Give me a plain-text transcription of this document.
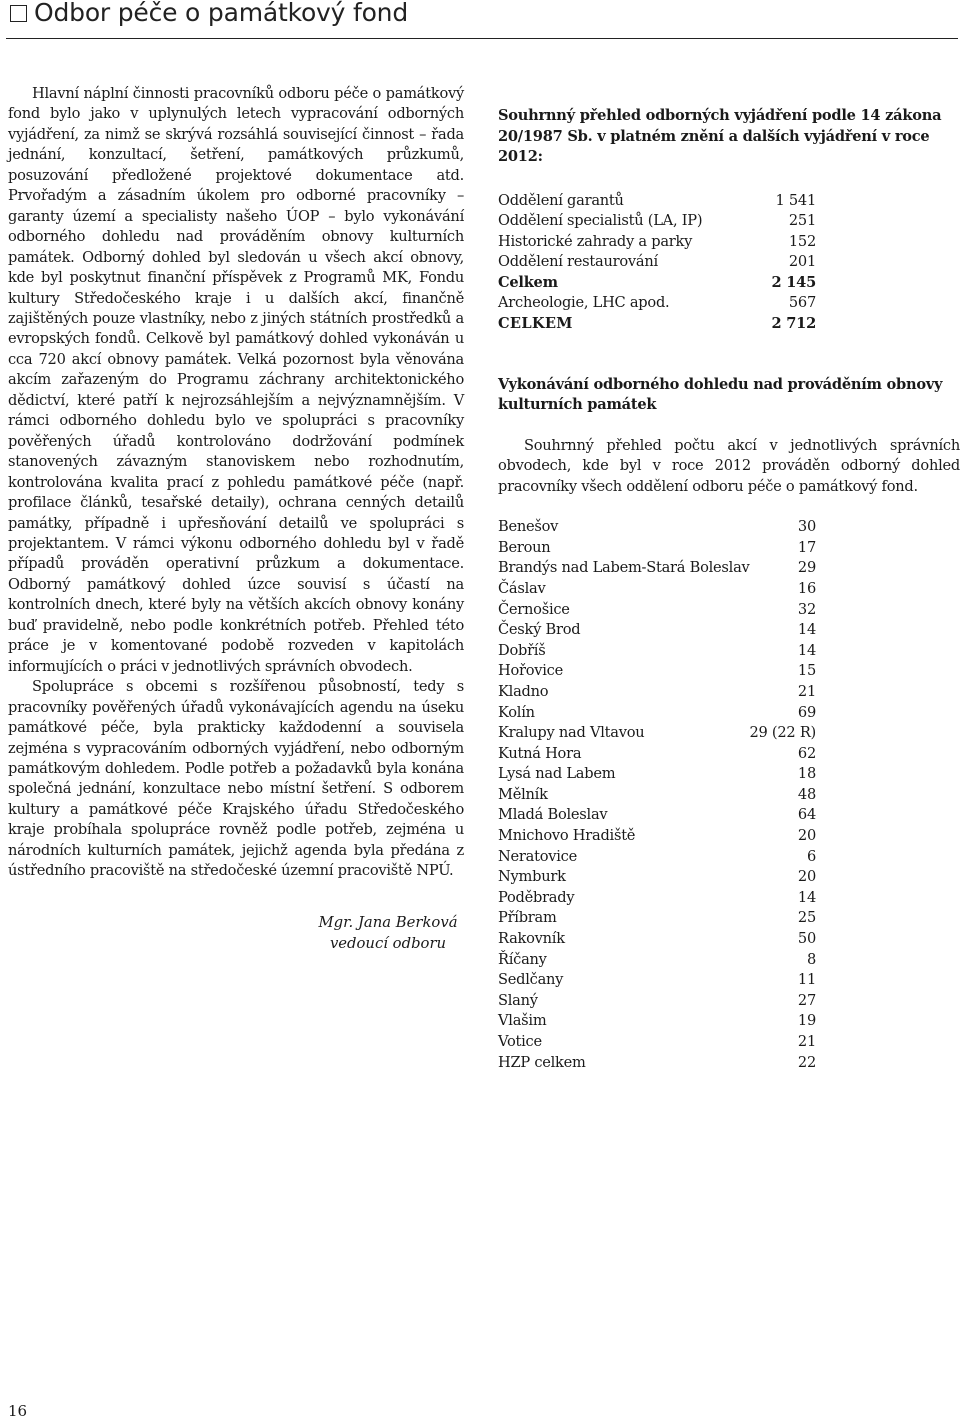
Odbor péče o památkový fond

Hlavní náplní činnosti pracovníků odboru péče o památkový fond bylo jako v uplynulých letech vypracování odborných vyjádření, za nimž se skrývá rozsáhlá související činnost – řada jednání, konzultací, šetření, památkových průzkumů, posuzování předložené projektové dokumentace atd. Prvořadým a zásadním úkolem pro odborné pracovníky – garanty území a specialisty našeho ÚOP – bylo vykonávání odborného dohledu nad prováděním obnovy kulturních památek. Odborný dohled byl sledován u všech akcí obnovy, kde byl poskytnut finanční příspěvek z Programů MK, Fondu kultury Středočeského kraje i u dalších akcí, finančně zajištěných pouze vlastníky, nebo z jiných státních prostředků a evropských fondů. Celkově byl památkový dohled vykonáván u cca 720 akcí obnovy památek. Velká pozornost byla věnována akcím zařazeným do Programu záchrany architektonického dědictví, které patří k nejrozsáhlejším a nejvýznamnějším. V rámci odborného dohledu bylo ve spolupráci s pracovníky pověřených úřadů kontrolováno dodržování podmínek stanovených závazným stanoviskem nebo rozhodnutím, kontrolována kvalita prací z pohledu památkové péče (např. profilace článků, tesařské detaily), ochrana cenných detailů památky, případně i upřesňování detailů ve spolupráci s projektantem. V rámci výkonu odborného dohledu byl v řadě případů prováděn operativní průzkum a dokumentace. Odborný památkový dohled úzce souvisí s účastí na kontrolních dnech, které byly na větších akcích obnovy konány buď pravidelně, nebo podle konkrétních potřeb. Přehled této práce je v komentované podobě rozveden v kapitolách informujících o práci v jednotlivých správních obvodech.

Spolupráce s obcemi s rozšířenou působností, tedy s pracovníky pověřených úřadů vykonávajících agendu na úseku památkové péče, byla prakticky každodenní a souvisela zejména s vypracováním odborných vyjádření, nebo odborným památkovým dohledem. Podle potřeb a požadavků byla konána společná jednání, konzultace nebo místní šetření. S odborem kultury a památkové péče Krajského úřadu Středočeského kraje probíhala spolupráce rovněž podle potřeb, zejména u národních kulturních památek, jejichž agenda byla předána z ústředního pracoviště na středočeské územní pracoviště NPÚ.

Mgr. Jana Berková
vedoucí odboru

Souhrnný přehled odborných vyjádření podle 14 zákona 20/1987 Sb. v platném znění a dalších vyjádření v roce 2012:

Oddělení garantů	1 541
Oddělení specialistů (LA, IP)	251
Historické zahrady a parky	152
Oddělení restaurování	201
Celkem	2 145
Archeologie, LHC apod.	567
CELKEM	2 712

Vykonávání odborného dohledu nad prováděním obnovy kulturních památek

Souhrnný přehled počtu akcí v jednotlivých správních obvodech, kde byl v roce 2012 prováděn odborný dohled pracovníky všech oddělení odboru péče o památkový fond.

Benešov	30
Beroun	17
Brandýs nad Labem-Stará Boleslav	29
Čáslav	16
Černošice	32
Český Brod	14
Dobříš	14
Hořovice	15
Kladno	21
Kolín	69
Kralupy nad Vltavou	29 (22 R)
Kutná Hora	62
Lysá nad Labem	18
Mělník	48
Mladá Boleslav	64
Mnichovo Hradiště	20
Neratovice	6
Nymburk	20
Poděbrady	14
Příbram	25
Rakovník	50
Říčany	8
Sedlčany	11
Slaný	27
Vlašim	19
Votice	21
HZP celkem	22
16
